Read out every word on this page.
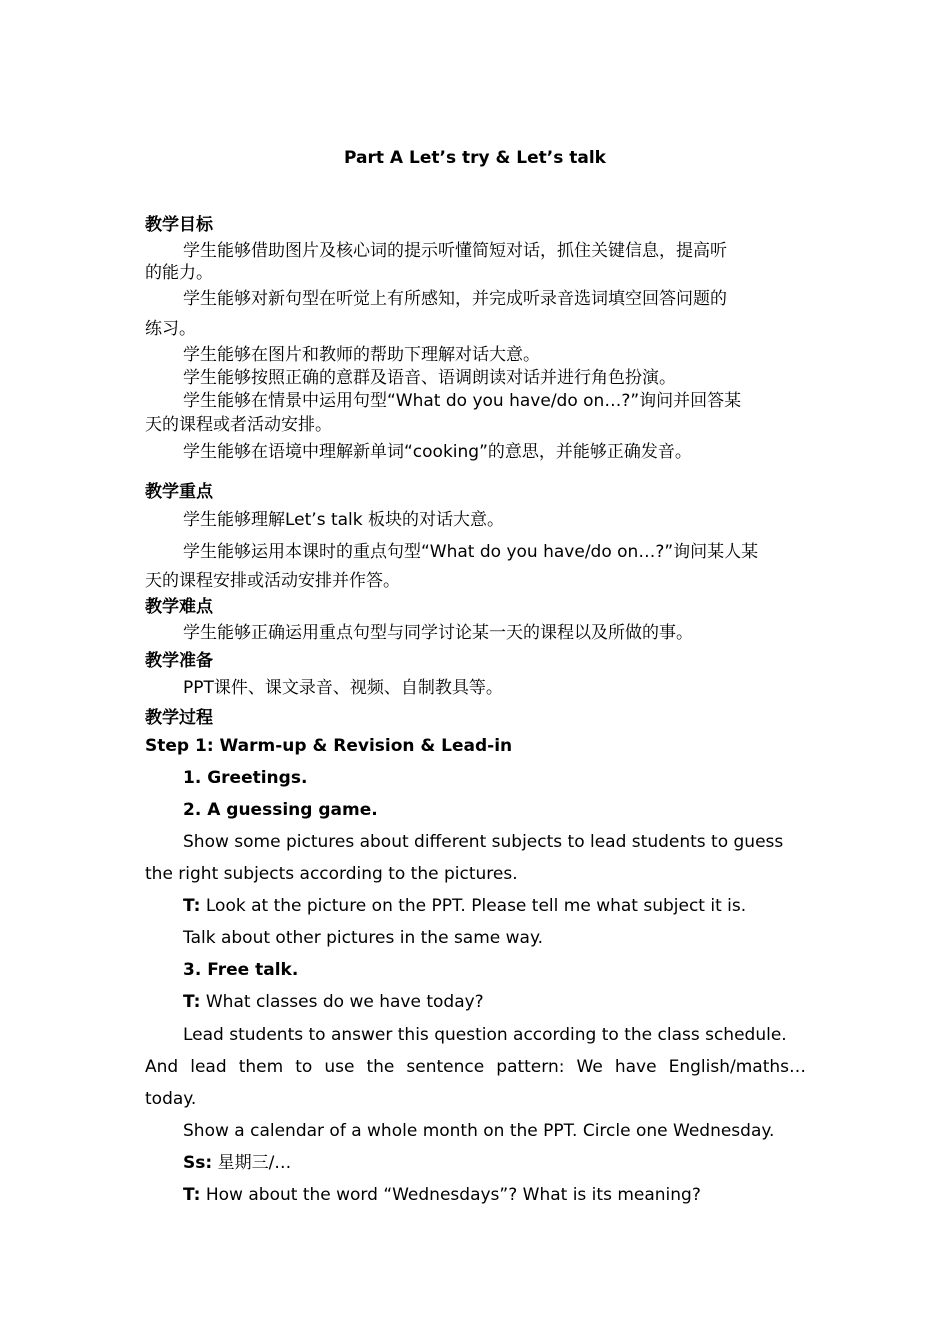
Part A Let’s try & Let’s talk
教学目标
学生能够借助图片及核心词的提示听懂简短对话，抓住关键信息，提高听
的能力。
学生能够对新句型在听觉上有所感知，并完成听录音选词填空回答问题的
练习。
学生能够在图片和教师的帮助下理解对话大意。
学生能够按照正确的意群及语音、语调朗读对话并进行角色扮演。
学生能够在情景中运用句型“What do you have/do on…?”询问并回答某
天的课程或者活动安排。
学生能够在语境中理解新单词“cooking”的意思，并能够正确发音。
教学重点
学生能够理解Let’s talk 板块的对话大意。
学生能够运用本课时的重点句型“What do you have/do on…?”询问某人某
天的课程安排或活动安排并作答。
教学难点
学生能够正确运用重点句型与同学讨论某一天的课程以及所做的事。
教学准备
PPT课件、课文录音、视频、自制教具等。
教学过程
Step 1: Warm-up & Revision & Lead-in
1. Greetings.
2. A guessing game.
Show some pictures about different subjects to lead students to guess
the right subjects according to the pictures.
T: Look at the picture on the PPT. Please tell me what subject it is.
Talk about other pictures in the same way.
3. Free talk.
T: What classes do we have today?
Lead students to answer this question according to the class schedule.
And lead them to use the sentence pattern: We have English/maths…
today.
Show a calendar of a whole month on the PPT. Circle one Wednesday.
Ss: 星期三/…
T: How about the word “Wednesdays”? What is its meaning?
